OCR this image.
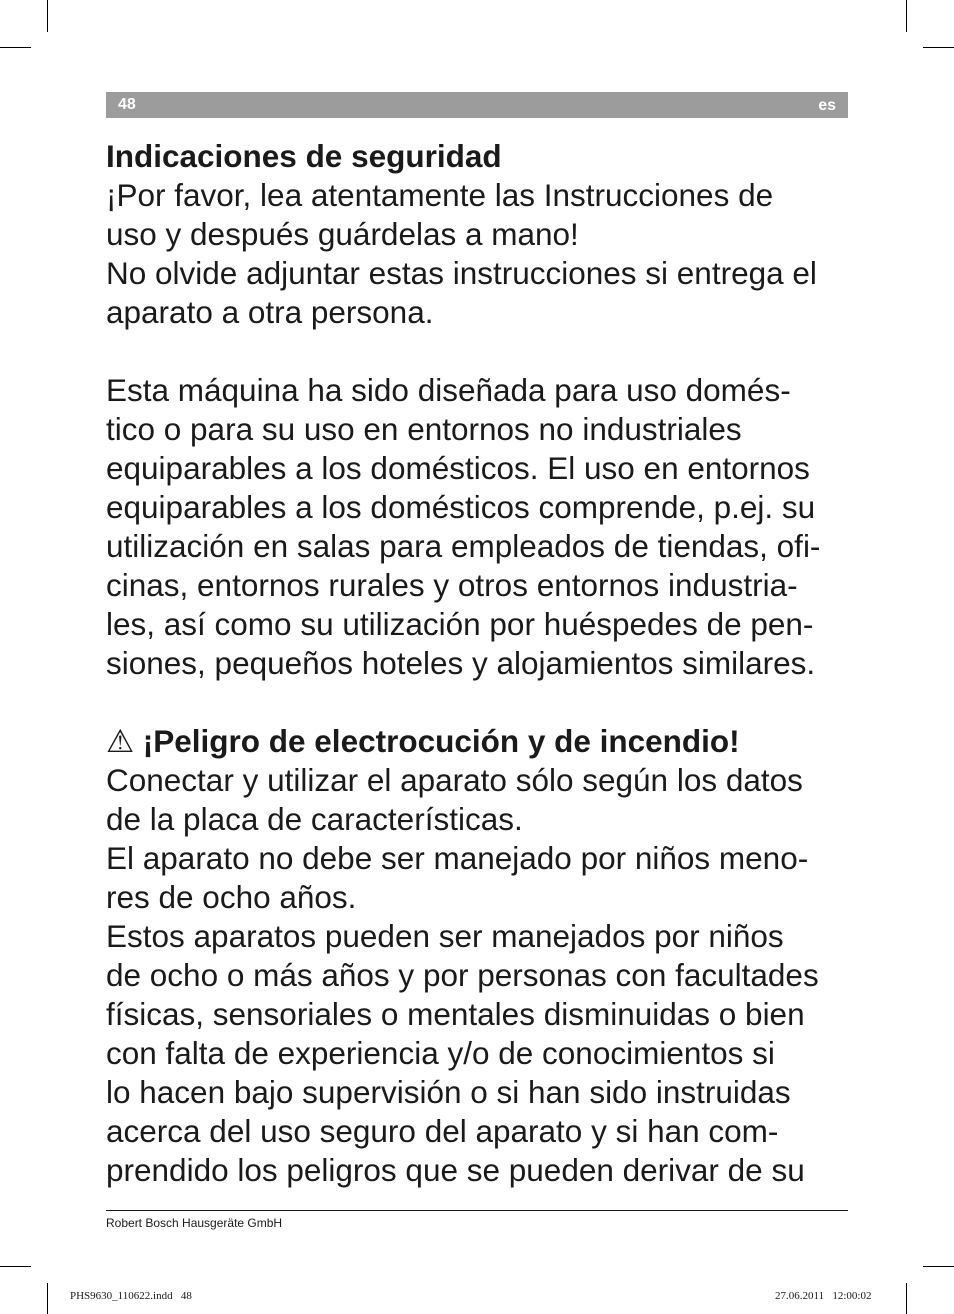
48	es
Indicaciones de seguridad
¡Por favor, lea atentamente las Instrucciones de
uso y después guárdelas a mano!
No olvide adjuntar estas instrucciones si entrega el
aparato a otra persona.
Esta máquina ha sido diseñada para uso domés-
tico o para su uso en entornos no industriales
equiparables a los domésticos. El uso en entornos
equiparables a los domésticos comprende, p.ej. su
utilización en salas para empleados de tiendas, ofi-
cinas, entornos rurales y otros entornos industria-
les, así como su utilización por huéspedes de pen-
siones, pequeños hoteles y alojamientos similares.
⚠ ¡Peligro de electrocución y de incendio!
Conectar y utilizar el aparato sólo según los datos
de la placa de características.
El aparato no debe ser manejado por niños meno-
res de ocho años.
Estos aparatos pueden ser manejados por niños
de ocho o más años y por personas con facultades
físicas, sensoriales o mentales disminuidas o bien
con falta de experiencia y/o de conocimientos si
lo hacen bajo supervisión o si han sido instruidas
acerca del uso seguro del aparato y si han com-
prendido los peligros que se pueden derivar de su
Robert Bosch Hausgeräte GmbH
PHS9630_110622.indd   48	27.06.2011   12:00:02
